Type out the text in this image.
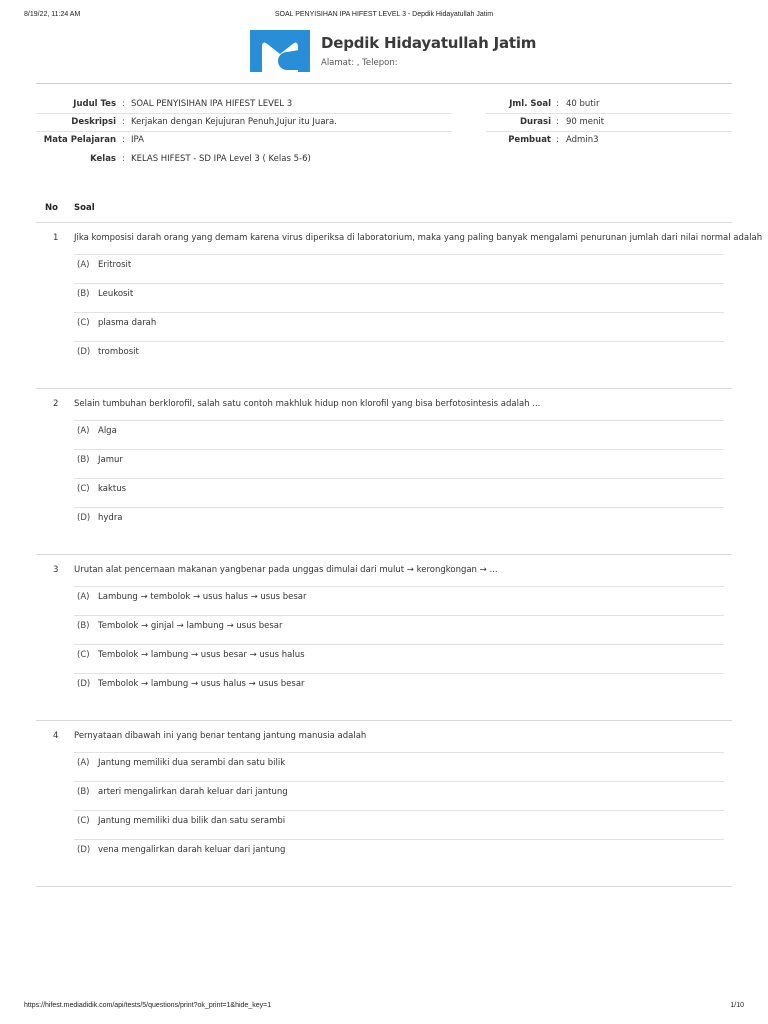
8/19/22, 11:24 AM	SOAL PENYISIHAN IPA HIFEST LEVEL 3 - Depdik Hidayatullah Jatim
Depdik Hidayatullah Jatim
Alamat: , Telepon:
Judul Tes : SOAL PENYISIHAN IPA HIFEST LEVEL 3
Deskripsi : Kerjakan dengan Kejujuran Penuh,Jujur itu Juara.
Mata Pelajaran : IPA
Kelas : KELAS HIFEST - SD IPA Level 3 ( Kelas 5-6)
Jml. Soal : 40 butir
Durasi : 90 menit
Pembuat : Admin3
No Soal
1 Jika komposisi darah orang yang demam karena virus diperiksa di laboratorium, maka yang paling banyak mengalami penurunan jumlah dari nilai normal adalah
(A) Eritrosit
(B) Leukosit
(C) plasma darah
(D) trombosit
2 Selain tumbuhan berklorofil, salah satu contoh makhluk hidup non klorofil yang bisa berfotosintesis adalah ...
(A) Alga
(B) Jamur
(C) kaktus
(D) hydra
3 Urutan alat pencernaan makanan yangbenar pada unggas dimulai dari mulut → kerongkongan → ...
(A) Lambung → tembolok → usus halus → usus besar
(B) Tembolok → ginjal → lambung → usus besar
(C) Tembolok → lambung → usus besar → usus halus
(D) Tembolok → lambung → usus halus → usus besar
4 Pernyataan dibawah ini yang benar tentang jantung manusia adalah
(A) Jantung memiliki dua serambi dan satu bilik
(B) arteri mengalirkan darah keluar dari jantung
(C) Jantung memiliki dua bilik dan satu serambi
(D) vena mengalirkan darah keluar dari jantung
https://hifest.mediadidik.com/api/tests/5/questions/print?ok_print=1&hide_key=1	1/10
